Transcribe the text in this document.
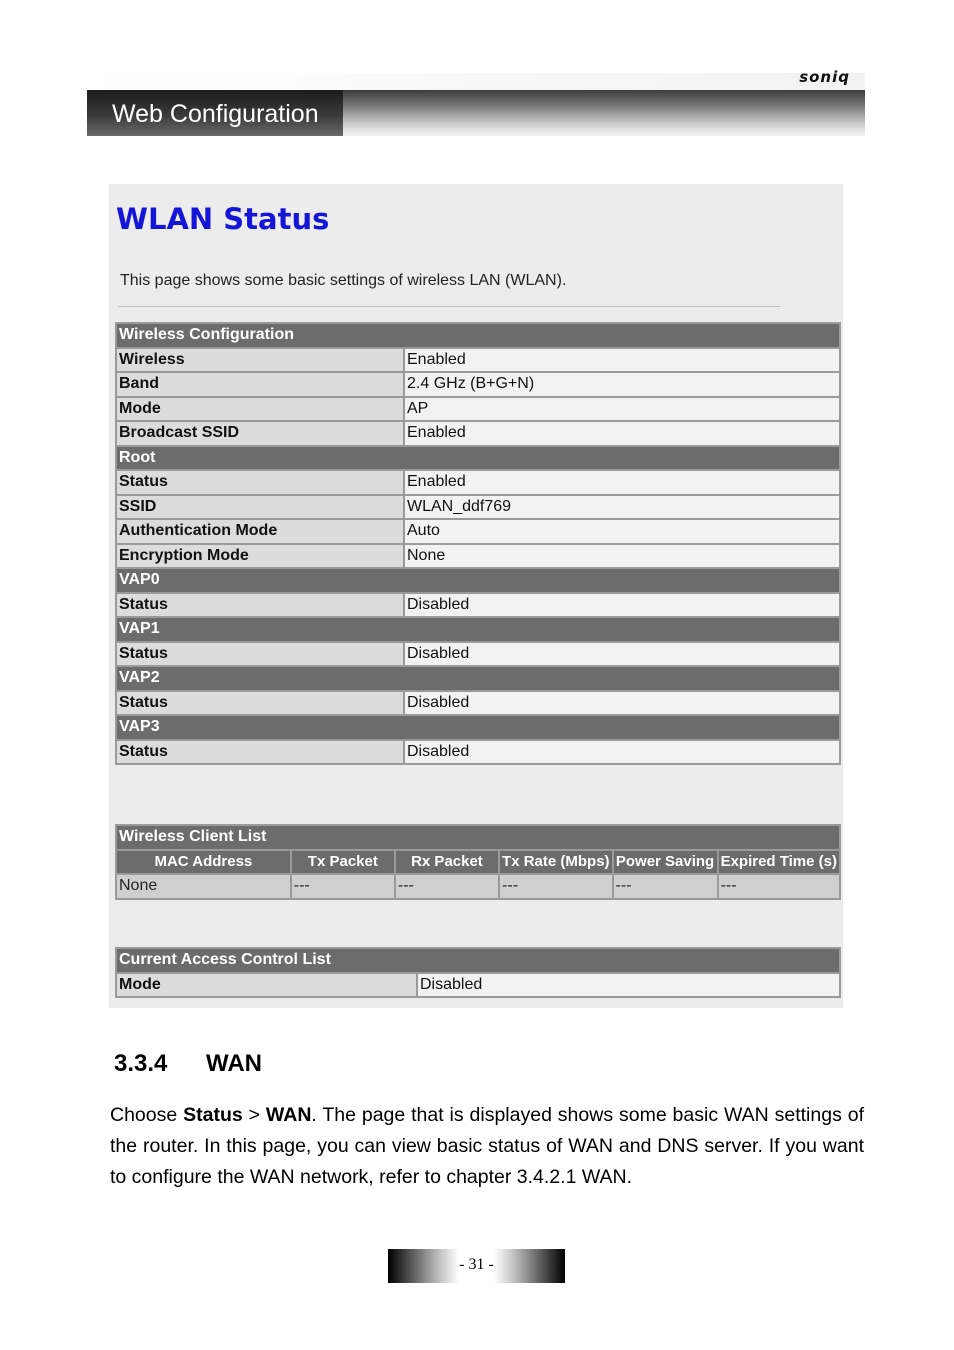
soniq
Web Configuration
WLAN Status
This page shows some basic settings of wireless LAN (WLAN).
Wireless Configuration	
Wireless	Enabled
Band	2.4 GHz (B+G+N)
Mode	AP
Broadcast SSID	Enabled
Root	
Status	Enabled
SSID	WLAN_ddf769
Authentication Mode	Auto
Encryption Mode	None
VAP0	
Status	Disabled
VAP1	
Status	Disabled
VAP2	
Status	Disabled
VAP3	
Status	Disabled
Wireless Client List					
MAC Address	Tx Packet	Rx Packet	Tx Rate (Mbps)	Power Saving	Expired Time (s)
None	---	---	---	---	---
Current Access Control List
Mode	Disabled
3.3.4 WAN
Choose Status > WAN. The page that is displayed shows some basic WAN settings of the router. In this page, you can view basic status of WAN and DNS server. If you want to configure the WAN network, refer to chapter 3.4.2.1 WAN.
- 31 -
